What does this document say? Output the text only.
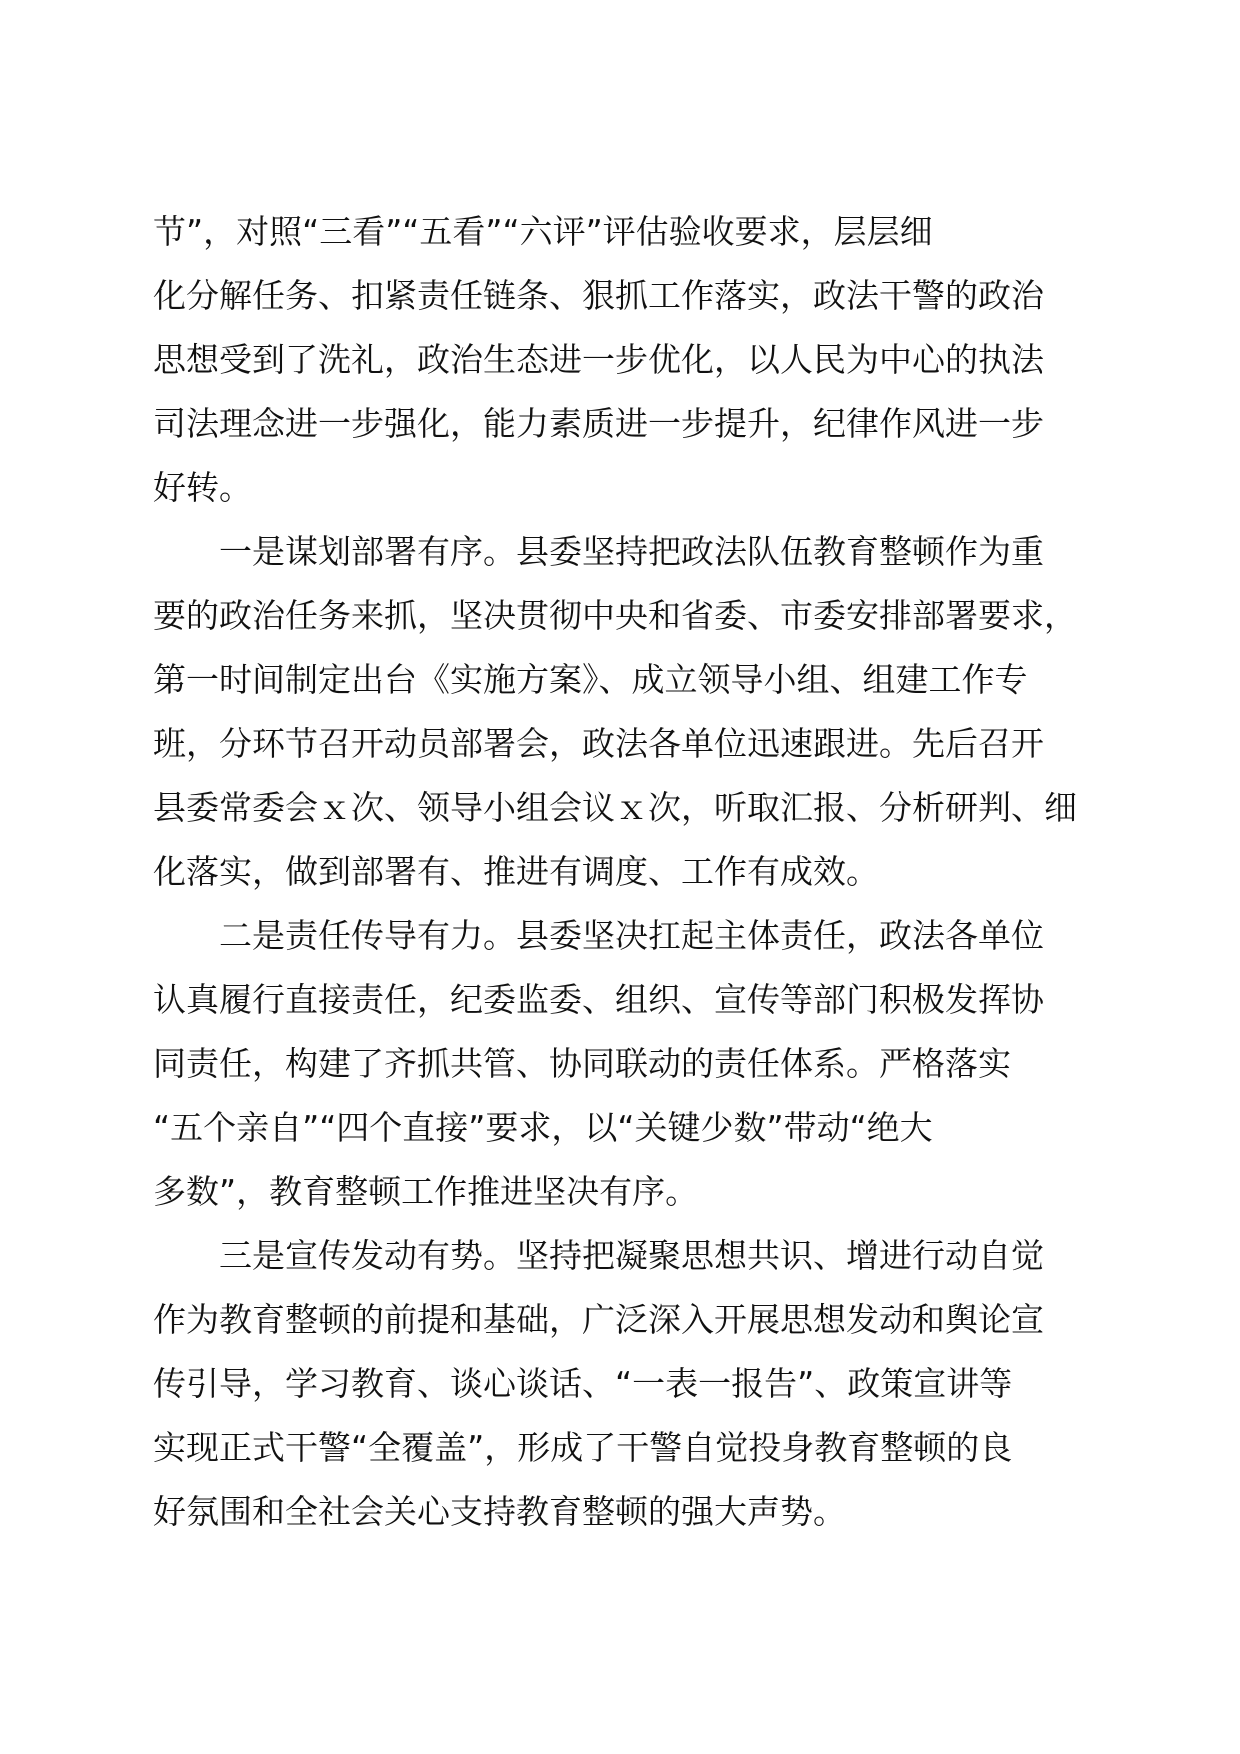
节”，对照“三看”“五看”“六评”评估验收要求，层层细
化分解任务、扣紧责任链条、狠抓工作落实，政法干警的政治
思想受到了洗礼，政治生态进一步优化，以人民为中心的执法
司法理念进一步强化，能力素质进一步提升，纪律作风进一步
好转。
一是谋划部署有序。县委坚持把政法队伍教育整顿作为重
要的政治任务来抓，坚决贯彻中央和省委、市委安排部署要求，
第一时间制定出台《实施方案》、成立领导小组、组建工作专
班，分环节召开动员部署会，政法各单位迅速跟进。先后召开
县委常委会ｘ次、领导小组会议ｘ次，听取汇报、分析研判、细
化落实，做到部署有、推进有调度、工作有成效。
二是责任传导有力。县委坚决扛起主体责任，政法各单位
认真履行直接责任，纪委监委、组织、宣传等部门积极发挥协
同责任，构建了齐抓共管、协同联动的责任体系。严格落实
“五个亲自”“四个直接”要求，以“关键少数”带动“绝大
多数”，教育整顿工作推进坚决有序。
三是宣传发动有势。坚持把凝聚思想共识、增进行动自觉
作为教育整顿的前提和基础，广泛深入开展思想发动和舆论宣
传引导，学习教育、谈心谈话、“一表一报告”、政策宣讲等
实现正式干警“全覆盖”，形成了干警自觉投身教育整顿的良
好氛围和全社会关心支持教育整顿的强大声势。
